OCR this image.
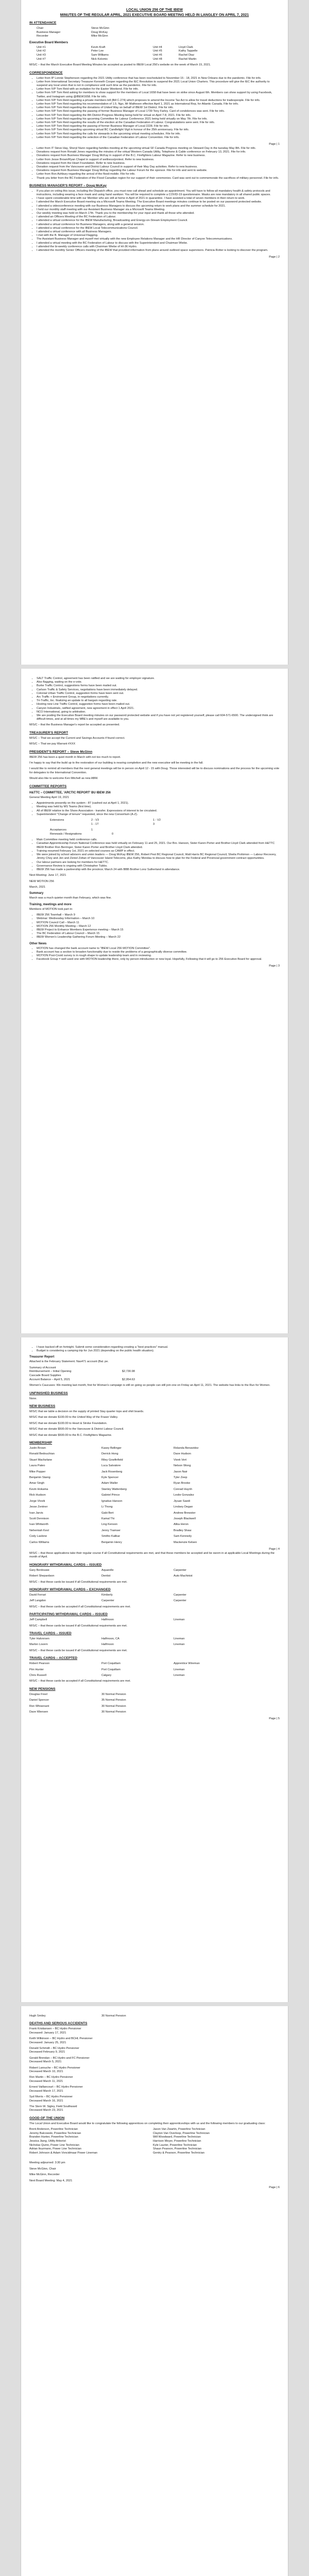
LOCAL UNION 256 OF THE IBEW
MINUTES OF THE REGULAR APRIL, 2021 EXECUTIVE BOARD MEETING HELD IN LANGLEY ON APRIL 7, 2021
IN ATTENDANCE
Chair	Steve McGinn
Business Manager	Doug McKay
Recorder	Mike McGinn
Executive Board Members
Unit #1	Kevin Kraft	Unit #4	Lloyd Clark
Unit #2	Peter Lee	Unit #5	Kathy Tappelle
Unit #3	Sam Williams	Unit #6	Rachel Diaz
Unit #7	Nick Kolomic	Unit #8	Rachel Martin
M/S/C – that the March Executive Board Meeting Minutes be accepted as posted to IBEW Local 256's website on the week of March 15, 2021.
CORRESPONDENCE
• Letter from IP Lonnie Stephenson regarding the 2021 Utility conference that has been rescheduled to November 15 - 18, 2021 in New Orleans due to the pandemic. File for info.
• Letter from International Secretary Treasurer Kenneth Cooper regarding the IEC Resolution to suspend the 2021 Local Union Charters. This procedure will give the IEC the authority to suspend any local union that is not in compliance until such time as the pandemic. File for info.
• Letter from IVP Tom Reid with an invitation for the Easter Weekend. File for info.
• Letter from IVP Tom Reid asking for members to show support for the members of Local 1658 that have been on strike since August 6th. Members can show support by using Facebook, Twitter, and Instagram using @IBEW1658. File for info.
• Letter from IVP Tom Reid regarding a private members bill (Bill C-274) which proposes to amend the Income Tax Act to allow for travel deductions for tradespeople. File for info.
• Letter from IVP Tom Reid regarding his recommendation of 1.5. Ngo, Mr Matheson effective April 1, 2021 as Internatonal Rep, for Atlantic Canada. File for info.
• Letter from IVP Tom Reid regarding the donations of United Way on behalf of IBEW 1st District. File for info.
• Letter from IVP Tom Reid regarding the passing of former Business Manager of Local 1739 Tony Farley. Card of condolences was sent. File for info.
• Letter from IVP Tom Reid regarding the 8th District Progress Meeting being held for virtual on April 7-8, 2021. File for info.
• Letter from IVP Tom Reid regarding his upcoming Committee for Labour Conference 2021 being held virtually on May 7th. File for info.
• Letter from IVP Tom Reid regarding the results of the election at the Canadian Federation of Labour. Congratulations were sent. File for info.
• Letter from IVP Tom Reid regarding the passing of former Business Manager of Local 2228. File for info.
• Letter from IVP Tom Reid regarding upcoming virtual BC Candlelight Vigil in honour of the 25th anniversary. File for info.
• Letter from IVP Tom Reid regarding the calls for stewards in the upcoming virtual meeting schedules. File for info.
• Letter from IVP Tom Reid regarding the selection of the Canadian Federation of Labour Convention. File for info.
Page | 1
• Letter from IT Steve Hay, Sheryl Nunn regarding families meeting at the upcoming virtual SF Canada Progress meeting on Steward Day in the tuesday May 8th. File for info.
• Donations request from Ronald Jones regarding the minutes of the virtual Western Canada Utility, Telephone & Cable conference on February 13, 2021. File for info.
• Donations request from Business Manager Doug McKay in support of the B.C. Firefighters Labour Magazine. Refer to new business.
• Letter from Jesse Brown/Ryan Chapel in support of wellness/protest. Refer to new business.
• Donations request from the Heart Foundation. Refer to new business.
• Donation request from the Vancouver and District Labour Council in support of their May Day activities. Refer to new business.
• Donations request from Business Manager Doug McKay regarding the Labour Forum for the sponsor. File for info and sent to website.
• Letter from Ron Ashbury regarding the arrival of the flood-mobile. File for info.
• Thank you letter from the BC Federation of the Flood Canadian region for our support of their ceremonies. Card was sent out to commemorate the sacrifices of military personnel. File for info.
BUSINESS MANAGER'S REPORT – Doug McKay
• If you plan on voting this issue, including the Dispatch office, you must now call ahead and schedule an appointment. You will have to follow all mandatory health & safety protocols and instructions, including wearing a face mask and using hand sanitizer. You will be required to complete a COVID-19 questionnaire. Masks are now mandatory in all shared public spaces.
• I have spent considerable time with our Member who are still at home in April of 2021 in quarantine. I have assisted a total of seven members in their return to work.
• I attended the March Executive Board meeting via a Microsoft Teams Meeting. The Executive Board meetings minutes continue to be posted on our password protected website.
• I attended a videoconference meeting with our Business Managers to discuss the upcoming return to work plans and the summer schedule for 2021.
• I held our monthly staff meeting with our Assistant Business Manager via a Microsoft Teams Meeting.
• Our weekly meeting was held on March 17th. Thank you to the membership for your input and thank all those who attended.
• I attended an Officers Meeting of the BC Federation of Labour.
• I attended a virtual conference for the IBEW Manufacturing, Broadcasting and Energy-on-Stream Employment Council.
• I attended a virtual conference for Business Managers, along with a general session.
• I attended a virtual conference for the IBEW Local Telecommunications Council.
• I attended a virtual conference with all Business Managers.
• I met with the B. Manager of Universal Flagging.
• The Assistant Business Manager and myself met virtually with the new Employee Relations Manager and the HR Director of Canyon Telecommunications.
• I attended a virtual meeting with the BC Federation of Labour to discuss with the Superintendent and Chairman Wiebe.
• I attended the bi-weekly conference calls with Chairman Wiebe of HI-36 Hydro.
• I attended the monthly Senior Officers meeting of the IBEW that provided information from plans around outlined space supervisors. Patricia Rotter is looking to discover the program.
Page | 2
• SALT Traffic Control, agreement has been ratified and we are waiting for employer signature.
• Also flagging, waiting on the e-vote.
• Burke Traffic Control, suggestions forms have been mailed out.
• Carlson Traffic & Safety Services, negotiations have been immediately delayed.
• Colonial Urban Traffic Control, suggestion forms have been sent out.
• Arc Traffic + Enviroment Group, in negotiations currently.
• Tri-Traffic, Inc. finalizing an update to all bargain regarding rate.
• Hosting new Line Traffic Control, suggestion forms have been mailed out.
• Canyon Industrials, ratified agreement, new agreement in effect 1 April 2021.
• NCO International, going to arbitration.
• We are posting the Executive Board meeting minutes on our password protected website and if you have not yet registered yourself, please call 604-571-6500. The undersigned think are difficult times, and at all times my MBE's and myself are available to you.
M/S/C – that the Business Manager's report be accepted as presented.
TREASURER'S REPORT
M/S/C – That we accept the Current and Savings Accounts if found correct.
M/S/C – That we pay Warrant #XXX
PRESIDENT'S REPORT – Steve McGinn
IBEW 256 has been a quiet month in March with not too much to report.
I'm happy to say that the build up to the restoration of our building is nearing completion and the new executive will be meeting in the fall.
I would like to remind all members that the next general meetings will be in person on April 12 - 15 with Doug. Those interested will be to discuss nominations and the process for the upcoming vote for delegates to the International Convention.
Would also like to welcome Ken Mitchell as new ABM.
COMMITTEE REPORTS
H&TTC – COMMITTEE, 'ARCTIC REPORT' BU IBEW 256
General Meeting April 19, 2021
• Appointments presently on the system - 87 (cashed out at April 1, 2021).
• Meeting was held by MS Teams (first time).
• All of IBEW relative to the Shore Association - transfer. Expressions of interest to be circulated.
• Superintendent "Change of tenure" requested, since the new Consortium (A-Z).
Extensions	2 - V3	1 - V2
1 - 1T	3
Acceptances	1
Renewals / Resignations	0
• Main Committee meeting held conference calls.
• Canadian Apprenticeship Forum National Conference was held virtually on February 11 and 25, 2021. Our Bro. Hanson, Sister Karen Porter and Brother Lloyd Clark attended from H&TTC IBEW Brother Ron Berringer, Sister Karen Porter and Brother Lloyd Clark attended.
• Training resumed February 1st, 2021 on selected courses as CAMP in effect.
• We were joined by school advisors and union leaders — Doug McKay IBEW 256, Robert Pest BC Regional Council, Walt Harris BC Regional Council, Sheila Prohimon — Labour Recovery, Jimmy Choy and Jen and Zeniel Zoltan of Vancouver Island Telecoms, plus Kathy Mondau to discuss how to plan for the Federal and Provincial government contract opportunities.
• Our labour partners are looking for members for H&TTC.
• Governance Review is ongoing with Christopher Tubbs.
• IBEW 256 has made a partnership with the province; March 24 with BBB Brother Lonz Sutherland in attendance.
Next Meeting: June 17, 2021
NEW MOTION 256
March, 2021
Summary
March was a much quieter month than February, which was fine.
Training, meetings and more
Members of MOTION took part in:
• IBEW 256 Townhall – March 9
• Webinar: Wednesday Information – March 10
• MOTION Council Call – March 11
• MOTION 256 Monthly Meeting – March 12
• IBEW Project to Enhance Members Experience meeting – March 15
• The BC Federation of Labour Council – March 15
• IBEW Women's Leadership Gathering Forum Meeting – March 22
Other News
• MOTION has changed the bank account name to "IBEW Local 256 MOTION Committee".
• Bank account has a section to broaden functionality due to reside the problems of a geographically diverse committee.
• MOTION Post-Covid survey is in rough shape to update leadership team and in reviewing.
• Facebook Group = well used one with MOTION leadership there, only by person introduction or new loyal. Hopefully, Following that it will go to 256 Executive Board for approval.
Page | 3
• I have backed off on fortnight. Submit some consideration regarding creating a "best practices" manual.
• Budget is considering a camping trip for Jun 2021 (depending on the public health situation).
Treasurer Report
Attached is the February Statement. Nas471 account (Bal. pe.
Summary of Account
Reimbursement – Initial Opening	$2,730.98
Cascade Board Supplies
Account Balance – April 5, 2021	$2,954.63
Women's Caucuses: We meeting last month, first for Woman's campaign is still on going so people can still join one on Friday an April 11, 2021. The website has links to the Run for Women.
UNFINISHED BUSINESS
None.
NEW BUSINESS
M/S/C that we table a decision on the supply of printed Stay quarter tops and shirt boards.
M/S/C that we donate $100.00 to the United Way of the Fraser Valley.
M/S/C that we donate $100.00 to Heart & Stroke Foundation.
M/S/C that we donate $500.00 to the Vancouver & District Labour Council.
M/S/C that we donate $500.00 to the B.C. Firefighters Magazine.
MEMBERSHIP
Justin Brown	Kasey Bellinger	Rolanda Benavidez
Ronald Bedouchian	Derrick Hong	Dave Hudson
Stuart Macfarlane	Riley Gowfinfield	Vivek Vert
Laura Pateo	Luca Salvatore	Nelson Wong
Mike Popper	Jack Rosenberg	Jason Nair
Benjamin Stanig	Kyle Spencer	Tyler Zeep
Amar Singh	Adam Waller	Ryan Brooke
Kevin Hokama	Stanley Wattenberg	Conrad Huynh
Rick Hudson	Gabriel Prince	Leslie Gonzalez
Jorge Vlovik	Ignatius Hanson	Jiyuan Saedi
Jesse Zentner	Li Thong	Lindsey Degan
Ivan Jarvis	Gabi Bert	Andrew Brewster
Scott Dennison	Kamal Thi	Joseph Blackwell
Ivan Whitworth	Ling Kenson	Alika Heron
Nehemiah Kesl	Jenny Tramser	Bradley Shaw
Cody Laslone	Smitho Kalikar	Sam Kennedy
Carlos Williams	Benjamin Henry	Mackenzie Kelsen
Page | 4
M/S/C – that these applications take their regular course if all Constitutional requirements are met, and that these members be accepted and be sworn in at applicable Local Meetings during the month of April.
HONORARY WITHDRAWAL CARDS – ISSUED
Gary Berdouwe	Aquarelle	Carpenter
Robert Shepardson	Dentist	Auto Machinist
M/S/C – that these cards be issued if all Constitutional requirements are met.
HONORARY WITHDRAWAL CARDS – EXCHANGED
David Ferrari	Kimberly	Carpenter
Jeff Langdon	Carpenter	Carpenter
M/S/C – that these cards be accepted if all Constitutional requirements are met.
PARTICIPATING WITHDRAWAL CARDS – ISSUED
Jeff Campbell	Halfmoon	Lineman
M/S/C – that these cards be issued if all Constitutional requirements are met.
TRAVEL CARDS – ISSUED
Tyler Halvorsen	Halfmoon, CA	Lineman
Marlon Lovern	Halfmoon	Lineman
M/S/C – that these cards be issued if all Constitutional requirements are met.
TRAVEL CARDS – ACCEPTED
Robert Pearson	Port Coquitlam	Apprentice Wireman
Pim Hunter	Port Coquitlam	Lineman
Chris Russell	Calgary	Lineman
M/S/C – that these cards be accepted if all Constitutional requirements are met.
NEW PENSIONS
Douglas Freel	30 Normal Pension
Daniel Spencer	35 Normal Pension
Ron Whisenant	30 Normal Pension
Dave Wiensen	30 Normal Pension
Page | 5
Hugh Smiley	30 Normal Pension
DEATHS AND SERIOUS ACCIDENTS
Frank Kristiansen – BC Hydro Pensioner
Deceased: January 17, 2021
Keith Wilkinson – BC Hydro and BCHL Pensioner
Deceased: January 25, 2021
Donald Schmidt – BC Hydro Pensioner
Deceased February 9, 2021
Gerald Brendan – BC Hydro and FC Pensioner
Deceased March 5, 2021
Robert Larouche – BC Hydro Pensioner
Deceased March 10, 2021
Ron Martin – BC Hydro Pensioner
Deceased March 11, 2021
Ernest Vaillancourt – BC Hydro Pensioner
Deceased March 17, 2021
Syd Morris – BC Hydro Pensioner
Deceased March 16, 2021
The Stern W. Sigley, Field Southward
Deceased March 23, 2021
GOOD OF THE UNION
The Local Union and Executive Board would like to congratulate the following apprentices on completing their apprenticeships with us and the following members to our graduating class:
Brent Anderson, Powerline Technician	Jason Van Zwartin, Powerline Technician
Jeremy Balcowski, Powerline Technician	Clayton Van Overloop, Powerline Technician
Brandon Hunter, Powerline Technician	Will Woodward, Powerline Technician
Jessica Jiang, Utility Arborist	Harrison Meyer, Powerline Technician
Nicholas Quinn, Power Line Technician	Kyle Laurier, Powerline Technician
Adrian Ikuzmann, Power Line Technician	Shaun Pearson, Powerline Technician
Robert Johnson & Adam Voncidmaar Power Lineman	Gentry & Pearson, Powerline Technician
Meeting adjourned: 3:30 pm
Steve McGinn, Chair
Mike McGinn, Recorder
Next Board Meeting: May 4, 2021
Page | 6
